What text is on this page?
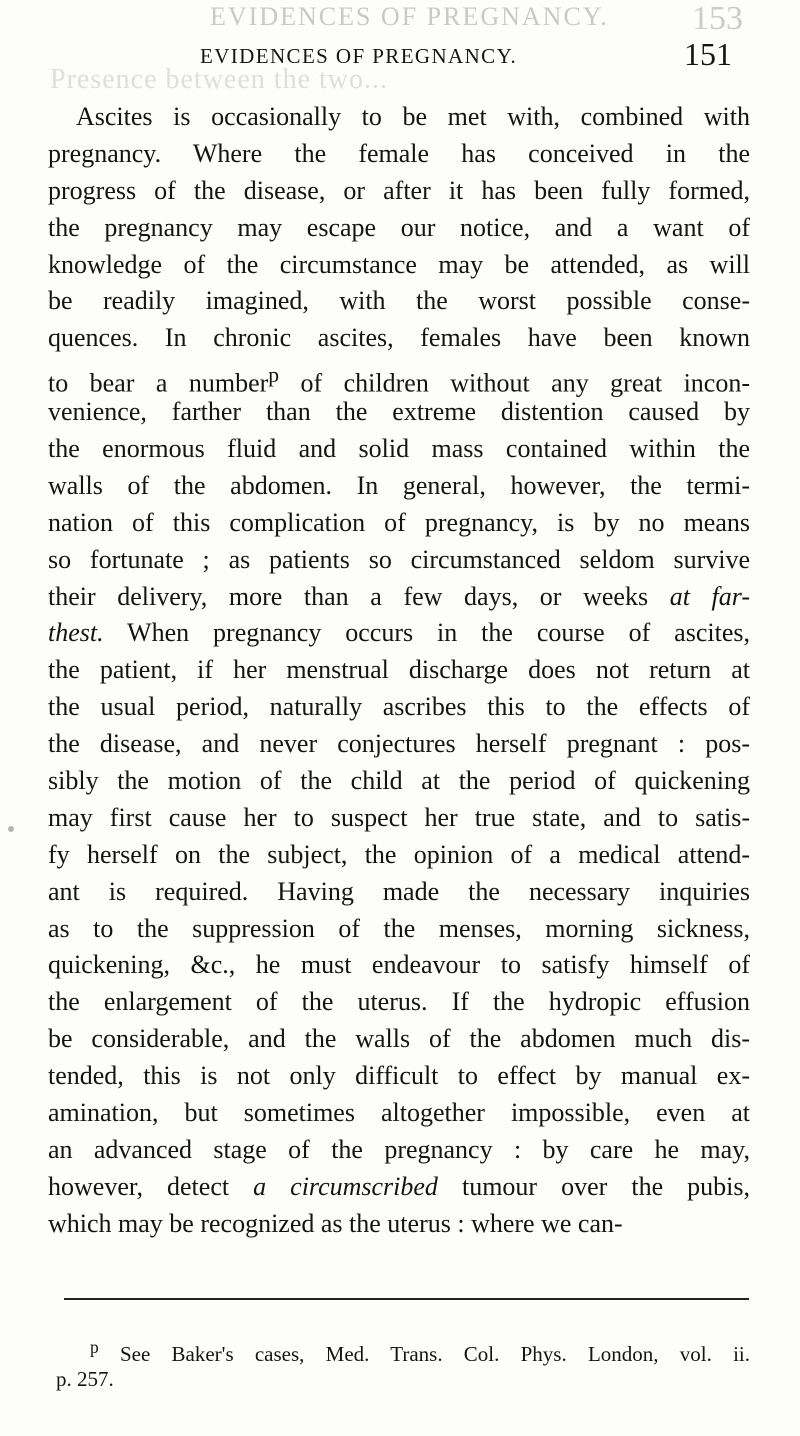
EVIDENCES OF PREGNANCY. 153
Presence between the two...
EVIDENCES OF PREGNANCY.	151
Ascites is occasionally to be met with, combined with
pregnancy. Where the female has conceived in the
progress of the disease, or after it has been fully formed,
the pregnancy may escape our notice, and a want of
knowledge of the circumstance may be attended, as will
be readily imagined, with the worst possible conse-
quences. In chronic ascites, females have been known
to bear a number$^p$ of children without any great incon-
venience, farther than the extreme distention caused by
the enormous fluid and solid mass contained within the
walls of the abdomen. In general, however, the termi-
nation of this complication of pregnancy, is by no means
so fortunate ; as patients so circumstanced seldom survive
their delivery, more than a few days, or weeks at far-
thest. When pregnancy occurs in the course of ascites,
the patient, if her menstrual discharge does not return at
the usual period, naturally ascribes this to the effects of
the disease, and never conjectures herself pregnant : pos-
sibly the motion of the child at the period of quickening
may first cause her to suspect her true state, and to satis-
fy herself on the subject, the opinion of a medical attend-
ant is required. Having made the necessary inquiries
as to the suppression of the menses, morning sickness,
quickening, &c., he must endeavour to satisfy himself of
the enlargement of the uterus. If the hydropic effusion
be considerable, and the walls of the abdomen much dis-
tended, this is not only difficult to effect by manual ex-
amination, but sometimes altogether impossible, even at
an advanced stage of the pregnancy : by care he may,
however, detect a circumscribed tumour over the pubis,
which may be recognized as the uterus : where we can-
$^p$ See Baker's cases, Med. Trans. Col. Phys. London, vol. ii.
p. 257.
